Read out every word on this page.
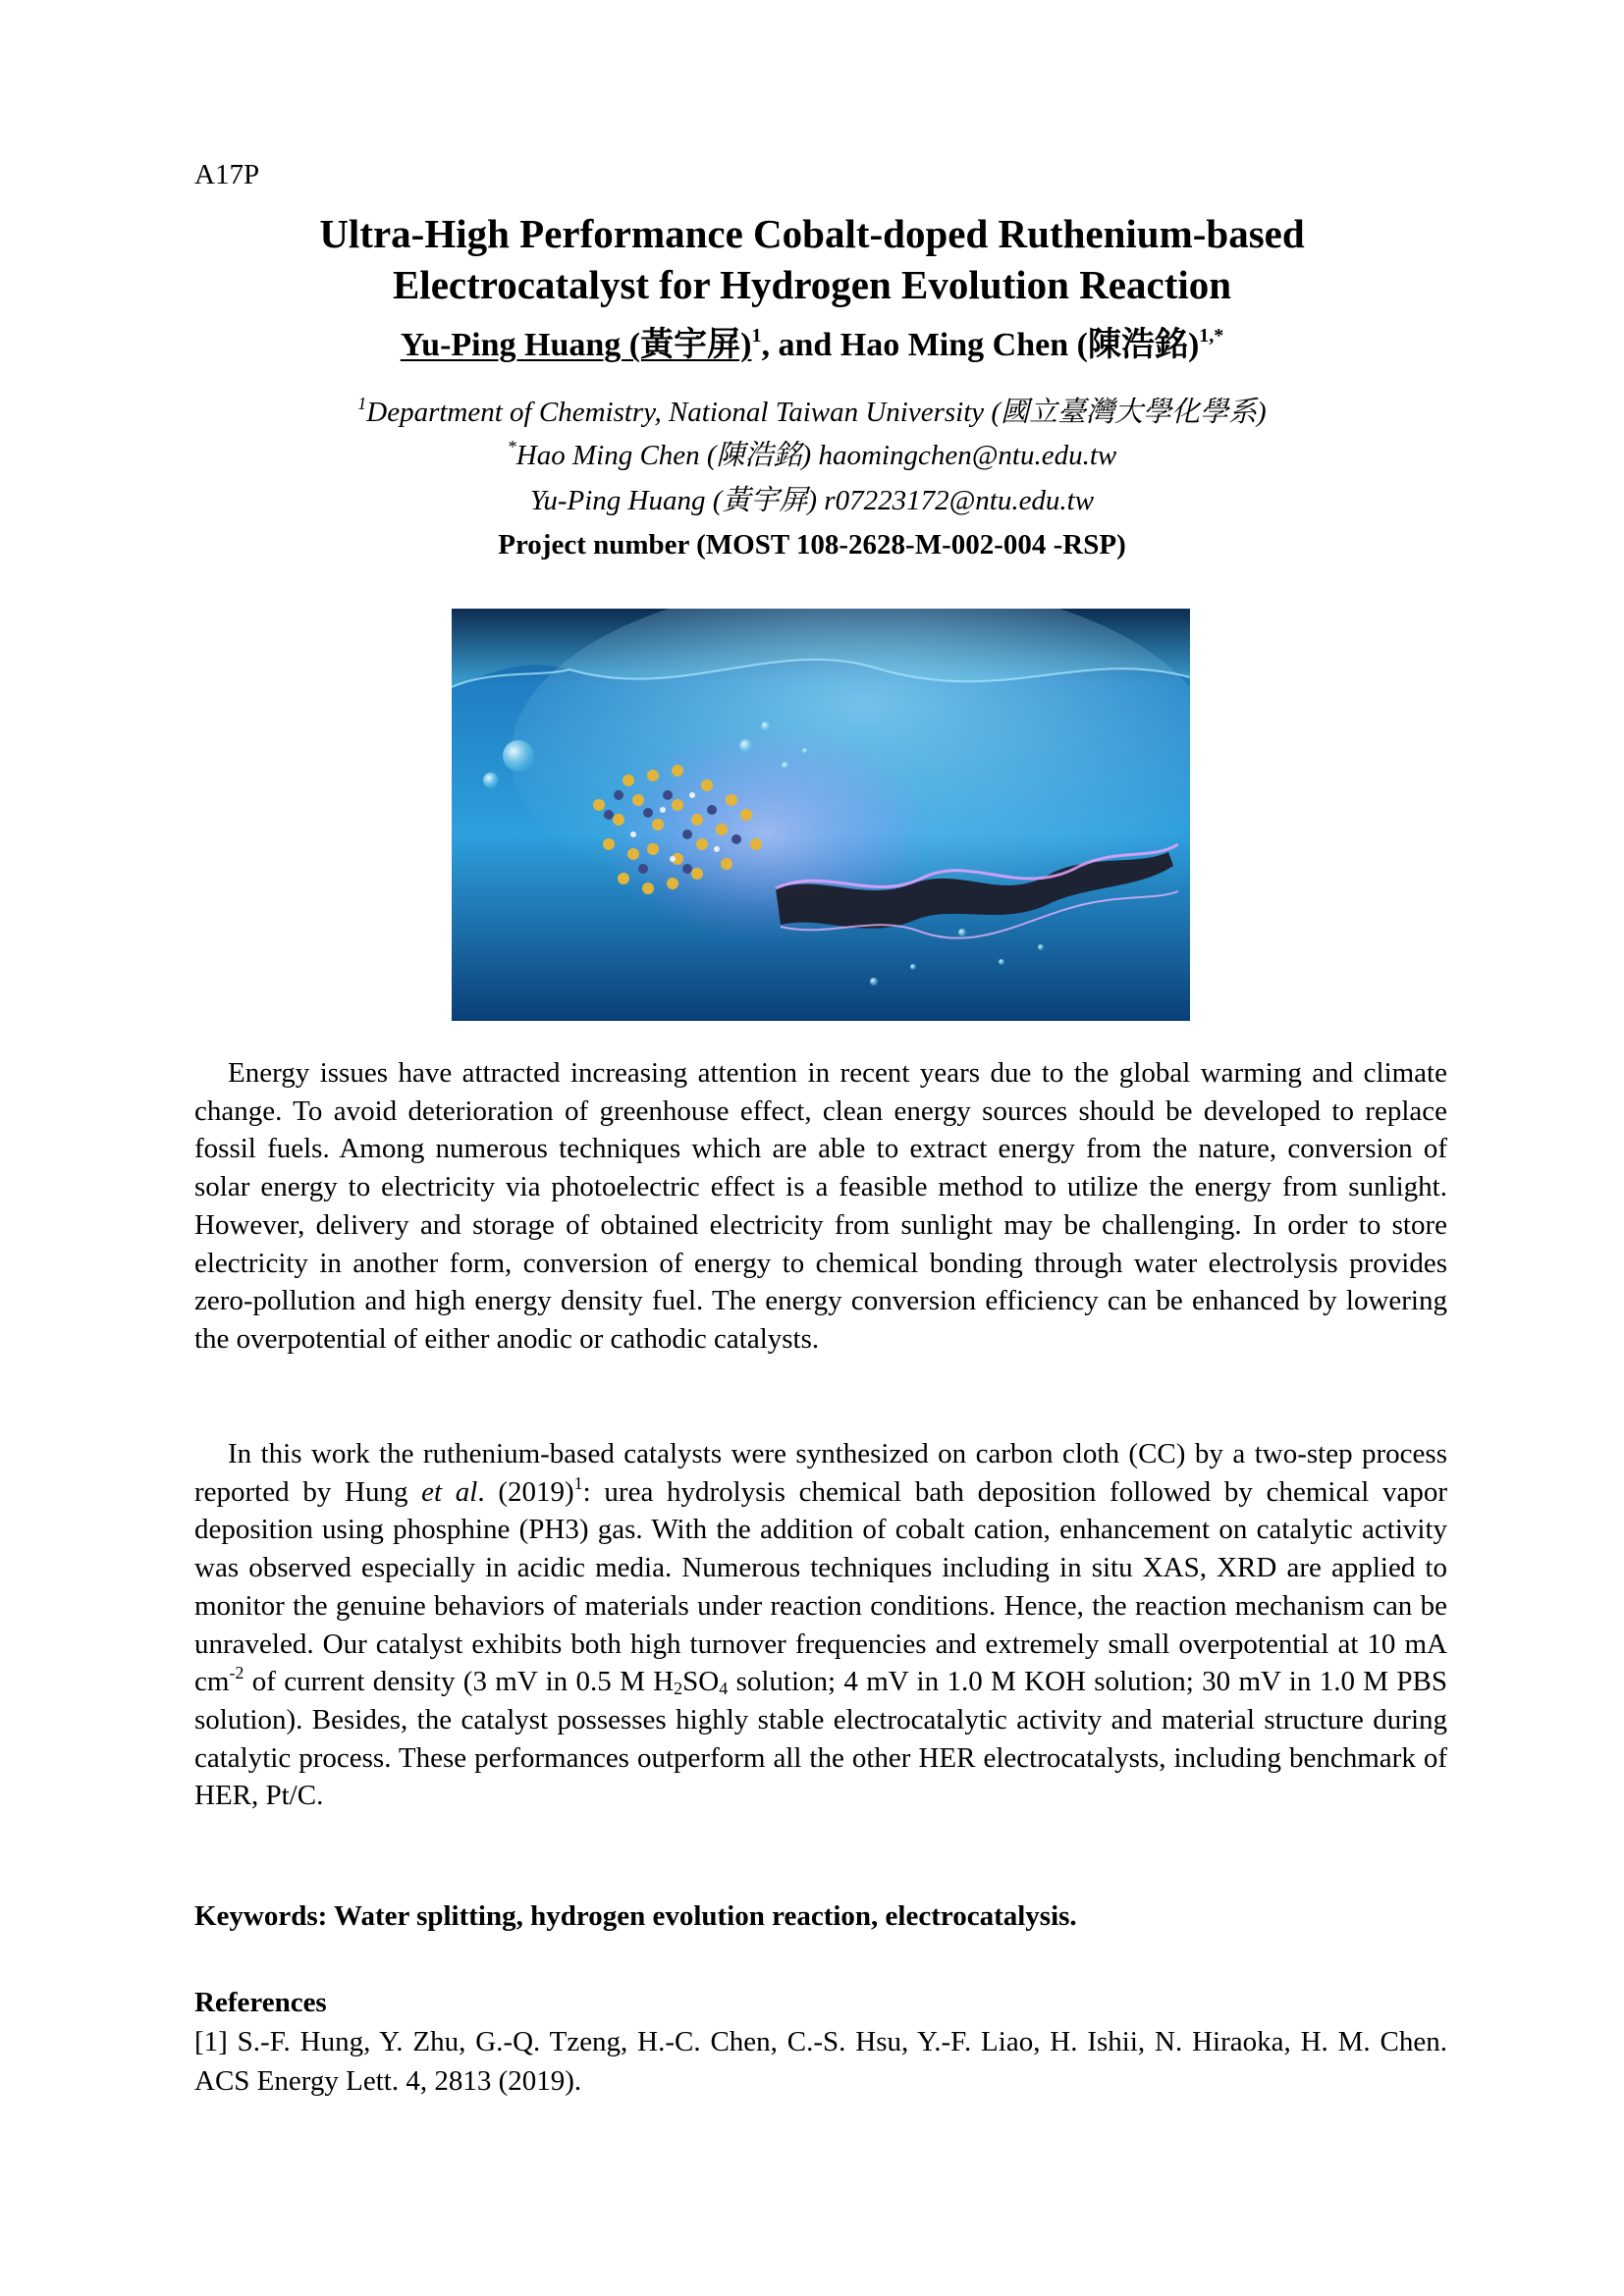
A17P
Ultra-High Performance Cobalt-doped Ruthenium-based
Electrocatalyst for Hydrogen Evolution Reaction
Yu-Ping Huang (黃宇屏)$^1$, and Hao Ming Chen (陳浩銘)$^{1,*}$
$^1$Department of Chemistry, National Taiwan University (國立臺灣大學化學系)
*Hao Ming Chen (陳浩銘) haomingchen@ntu.edu.tw
Yu-Ping Huang (黃宇屏) r07223172@ntu.edu.tw
Project number (MOST 108-2628-M-002-004 -RSP)

Energy issues have attracted increasing attention in recent years due to the global warming and climate change. To avoid deterioration of greenhouse effect, clean energy sources should be developed to replace fossil fuels. Among numerous techniques which are able to extract energy from the nature, conversion of solar energy to electricity via photoelectric effect is a feasible method to utilize the energy from sunlight. However, delivery and storage of obtained electricity from sunlight may be challenging. In order to store electricity in another form, conversion of energy to chemical bonding through water electrolysis provides zero-pollution and high energy density fuel. The energy conversion efficiency can be enhanced by lowering the overpotential of either anodic or cathodic catalysts.

In this work the ruthenium-based catalysts were synthesized on carbon cloth (CC) by a two-step process reported by Hung et al. $(2019)^1$: urea hydrolysis chemical bath deposition followed by chemical vapor deposition using phosphine (PH3) gas. With the addition of cobalt cation, enhancement on catalytic activity was observed especially in acidic media. Numerous techniques including in situ XAS, XRD are applied to monitor the genuine behaviors of materials under reaction conditions. Hence, the reaction mechanism can be unraveled. Our catalyst exhibits both high turnover frequencies and extremely small overpotential at 10 mA $cm^{-2}$ of current density (3 mV in 0.5 M $H_2SO_4$ solution; 4 mV in 1.0 M KOH solution; 30 mV in 1.0 M PBS solution). Besides, the catalyst possesses highly stable electrocatalytic activity and material structure during catalytic process. These performances outperform all the other HER electrocatalysts, including benchmark of HER, Pt/C.

Keywords: Water splitting, hydrogen evolution reaction, electrocatalysis.
References
[1] S.-F. Hung, Y. Zhu, G.-Q. Tzeng, H.-C. Chen, C.-S. Hsu, Y.-F. Liao, H. Ishii, N. Hiraoka, H. M. Chen. ACS Energy Lett. 4, 2813 (2019).
